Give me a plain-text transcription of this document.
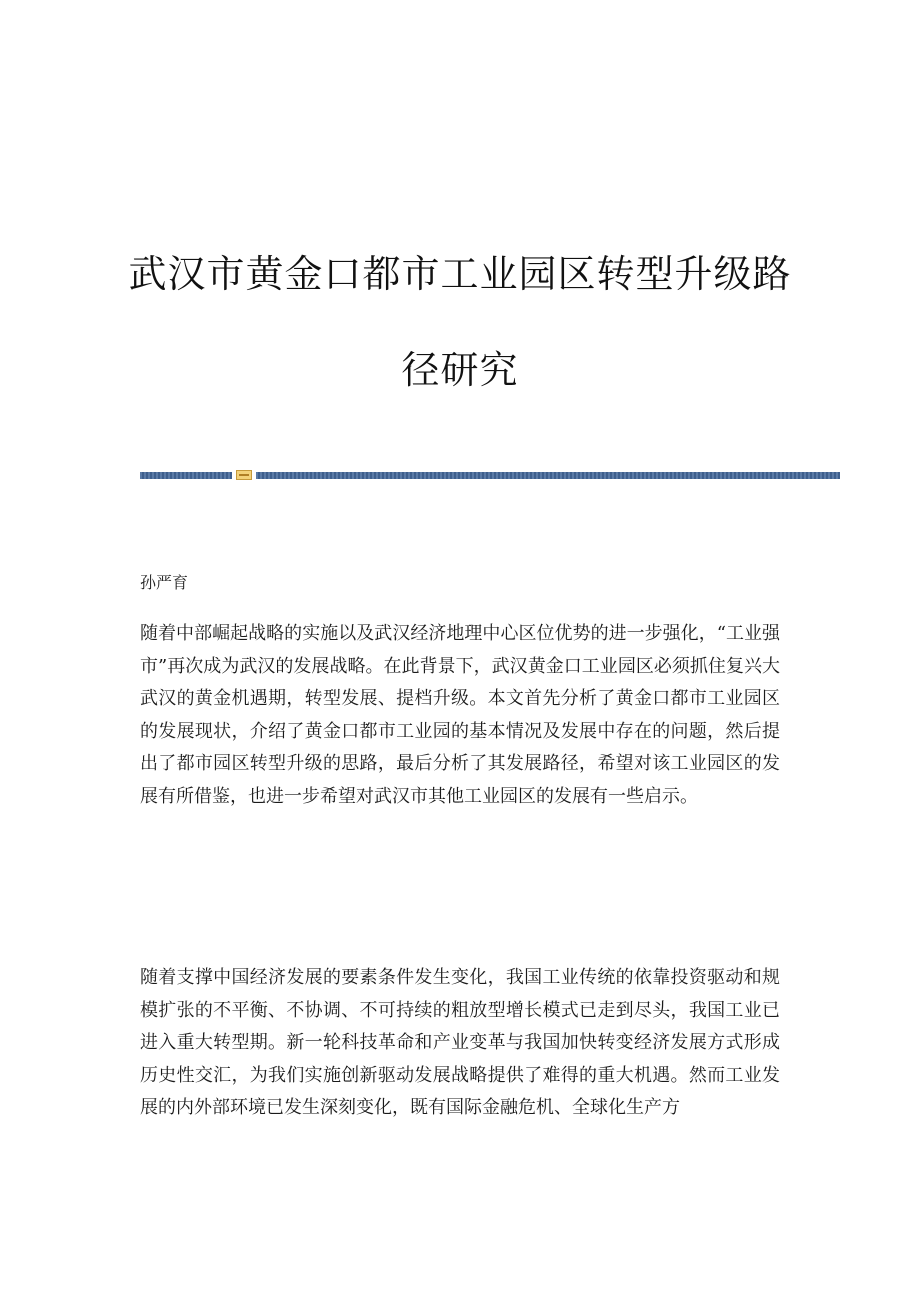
武汉市黄金口都市工业园区转型升级路
径研究
孙严育

随着中部崛起战略的实施以及武汉经济地理中心区位优势的进一步强化，“工业强市”再次成为武汉的发展战略。在此背景下，武汉黄金口工业园区必须抓住复兴大武汉的黄金机遇期，转型发展、提档升级。本文首先分析了黄金口都市工业园区的发展现状，介绍了黄金口都市工业园的基本情况及发展中存在的问题，然后提出了都市园区转型升级的思路，最后分析了其发展路径，希望对该工业园区的发展有所借鉴，也进一步希望对武汉市其他工业园区的发展有一些启示。

随着支撑中国经济发展的要素条件发生变化，我国工业传统的依靠投资驱动和规模扩张的不平衡、不协调、不可持续的粗放型增长模式已走到尽头，我国工业已进入重大转型期。新一轮科技革命和产业变革与我国加快转变经济发展方式形成历史性交汇，为我们实施创新驱动发展战略提供了难得的重大机遇。然而工业发展的内外部环境已发生深刻变化，既有国际金融危机、全球化生产方
